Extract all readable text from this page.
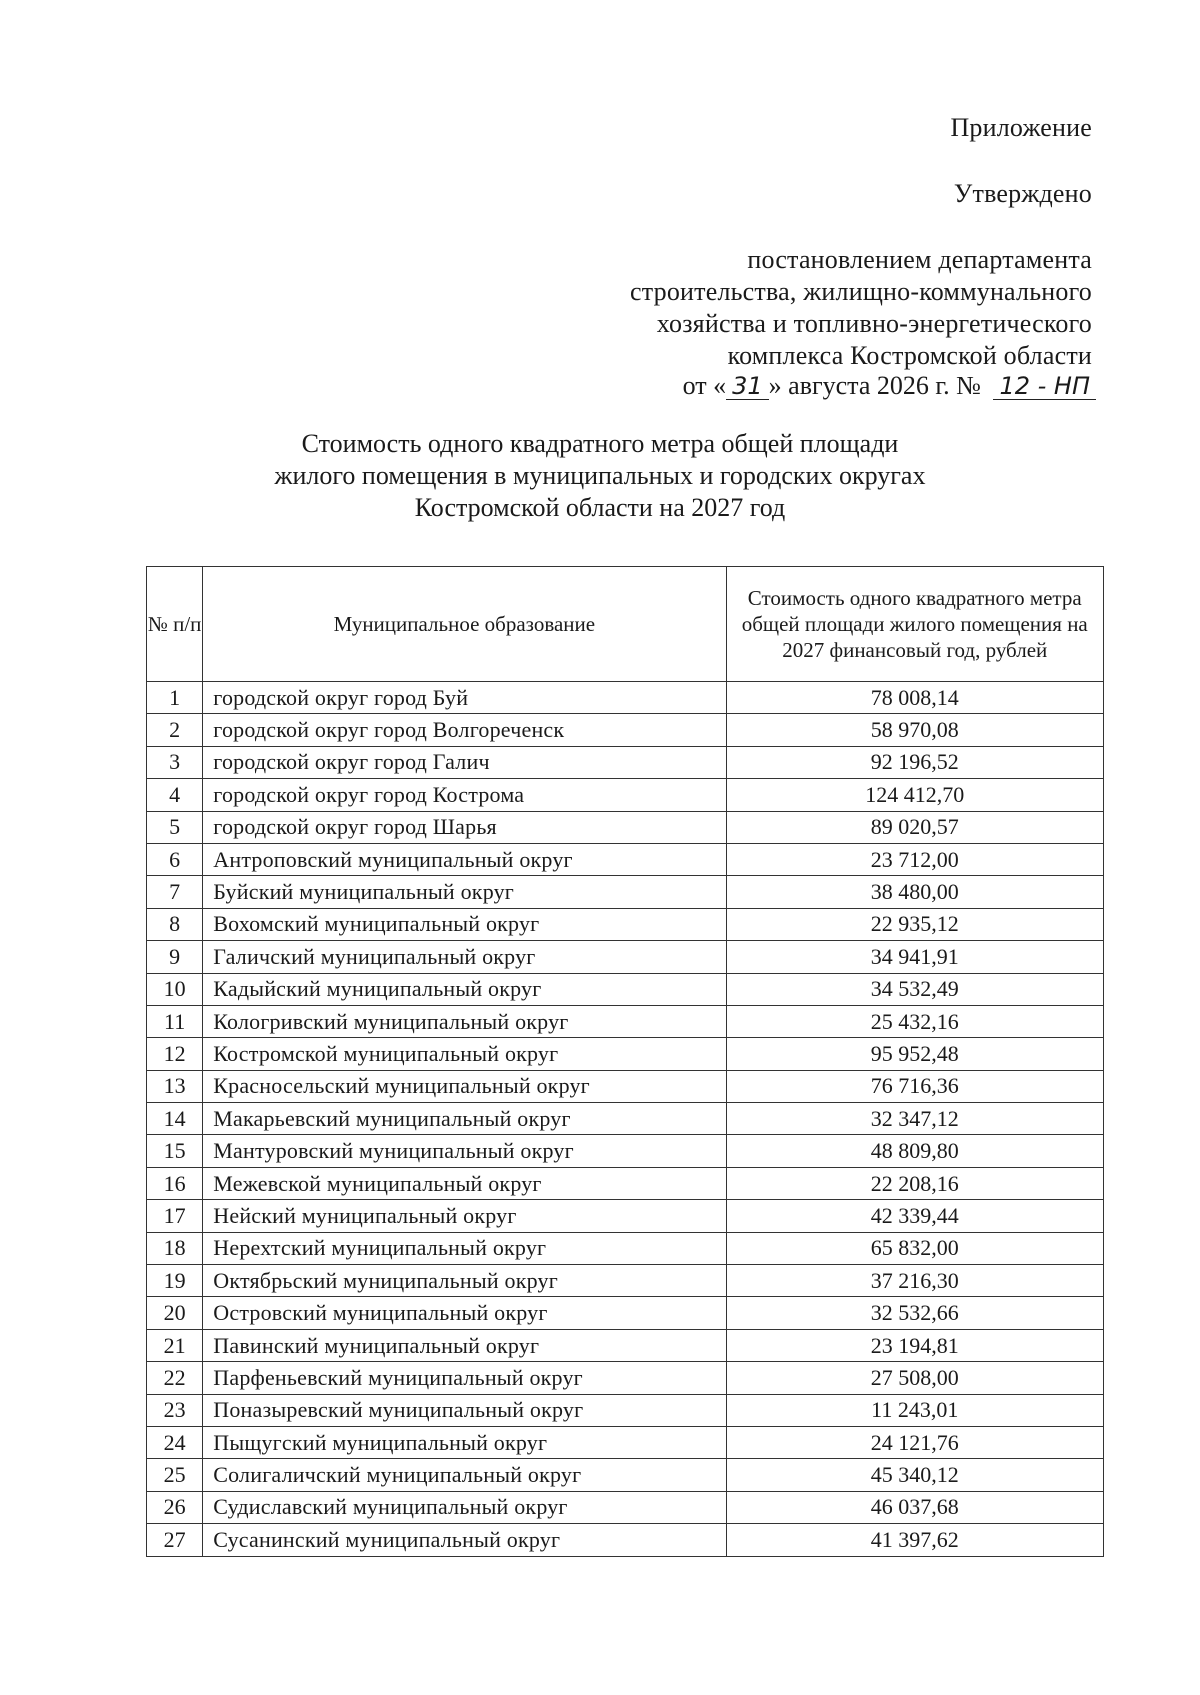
Приложение
Утверждено
постановлением департамента
строительства, жилищно-коммунального
хозяйства и топливно-энергетического
комплекса Костромской области
от « 31 » августа 2026 г. № 12 - НП
Стоимость одного квадратного метра общей площади
жилого помещения в муниципальных и городских округах
Костромской области на 2027 год
№ п/п	Муниципальное образование	Стоимость одного квадратного метра общей площади жилого помещения на 2027 финансовый год, рублей
1	городской округ город Буй	78 008,14
2	городской округ город Волгореченск	58 970,08
3	городской округ город Галич	92 196,52
4	городской округ город Кострома	124 412,70
5	городской округ город Шарья	89 020,57
6	Антроповский муниципальный округ	23 712,00
7	Буйский муниципальный округ	38 480,00
8	Вохомский муниципальный округ	22 935,12
9	Галичский муниципальный округ	34 941,91
10	Кадыйский муниципальный округ	34 532,49
11	Кологривский муниципальный округ	25 432,16
12	Костромской муниципальный округ	95 952,48
13	Красносельский муниципальный округ	76 716,36
14	Макарьевский муниципальный округ	32 347,12
15	Мантуровский муниципальный округ	48 809,80
16	Межевской муниципальный округ	22 208,16
17	Нейский муниципальный округ	42 339,44
18	Нерехтский муниципальный округ	65 832,00
19	Октябрьский муниципальный округ	37 216,30
20	Островский муниципальный округ	32 532,66
21	Павинский муниципальный округ	23 194,81
22	Парфеньевский муниципальный округ	27 508,00
23	Поназыревский муниципальный округ	11 243,01
24	Пыщугский муниципальный округ	24 121,76
25	Солигаличский муниципальный округ	45 340,12
26	Судиславский муниципальный округ	46 037,68
27	Сусанинский муниципальный округ	41 397,62
